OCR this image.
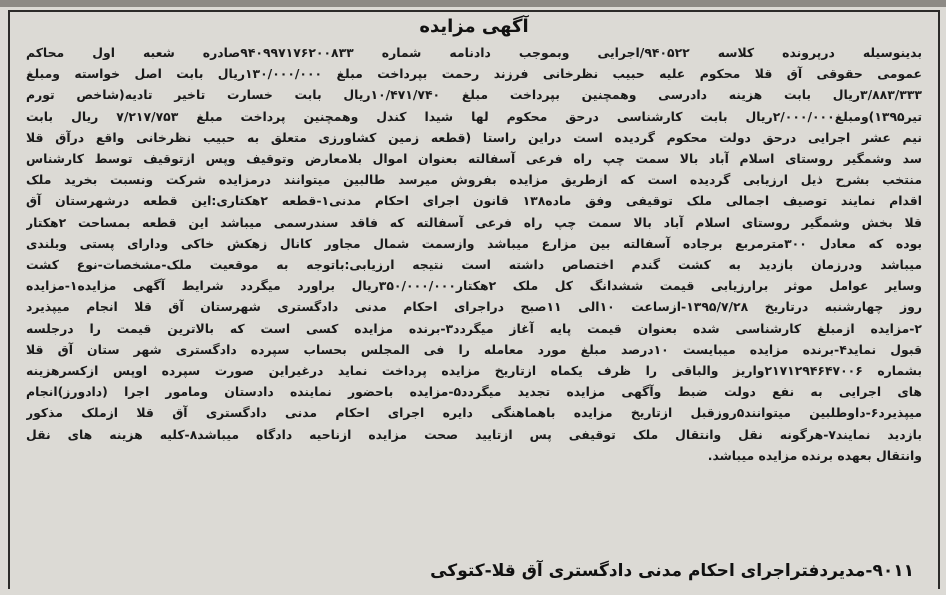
آگهی مزایده
بدینوسیله درپرونده کلاسه ۹۴۰۵۲۲/اجرایی وبموجب دادنامه شماره ۹۴۰۹۹۷۱۷۶۲۰۰۸۳۳صادره شعبه اول محاکم
عمومی حقوقی آق قلا محکوم علیه حبیب نظرخانی فرزند رحمت بپرداخت مبلغ ۱۳۰/۰۰۰/۰۰۰ریال بابت اصل خواسته ومبلغ
۳/۸۸۳/۳۳۳ریال بابت هزینه دادرسی وهمچنین بپرداخت مبلغ ۱۰/۴۷۱/۷۴۰ریال بابت خسارت تاخیر تادیه(شاخص تورم
تیر۱۳۹۵)ومبلغ۲/۰۰۰/۰۰۰ریال بابت کارشناسی درحق محکوم لها شیدا کندل وهمچنین پرداخت مبلغ ۷/۲۱۷/۷۵۳ ریال بابت
نیم عشر اجرایی درحق دولت محکوم گردیده است دراین راستا (قطعه زمین کشاورزی متعلق به حبیب نظرخانی واقع درآق قلا
سد وشمگیر روستای اسلام آباد بالا سمت چپ راه فرعی آسفالته بعنوان اموال بلامعارض وتوقیف وپس ازتوقیف توسط کارشناس
منتخب بشرح ذیل ارزیابی گردیده است که ازطریق مزایده بفروش میرسد طالبین میتوانند درمزایده شرکت ونسبت بخرید ملک
اقدام نمایند توصیف اجمالی ملک توقیفی وفق ماده۱۳۸ قانون اجرای احکام مدنی۱-قطعه ۲هکتاری:این قطعه درشهرستان آق
قلا بخش وشمگیر روستای اسلام آباد بالا سمت چپ راه فرعی آسفالته که فاقد سندرسمی میباشد این قطعه بمساحت ۲هکتار
بوده که معادل ۳۰۰مترمربع برجاده آسفالته بین مزارع میباشد وازسمت شمال مجاور کانال زهکش خاکی ودارای پستی وبلندی
میباشد ودرزمان بازدید به کشت گندم اختصاص داشته است نتیجه ارزیابی:باتوجه به موقعیت ملک-مشخصات-نوع کشت
وسایر عوامل موثر برارزیابی قیمت ششدانگ کل ملک ۲هکتار۳۵۰/۰۰۰/۰۰۰ریال براورد میگردد شرایط آگهی مزایده۱-مزایده
روز چهارشنبه درتاریخ ۱۳۹۵/۷/۲۸-ازساعت ۱۰الی ۱۱صبح دراجرای احکام مدنی دادگستری شهرستان آق قلا انجام میپذیرد
۲-مزایده ازمبلغ کارشناسی شده بعنوان قیمت پایه آغاز میگردد۳-برنده مزایده کسی است که بالاترین قیمت را درجلسه
قبول نماید۴-برنده مزایده میبایست ۱۰درصد مبلغ مورد معامله را فی المجلس بحساب سپرده دادگستری شهر ستان آق قلا
بشماره ۲۱۷۱۲۹۴۶۴۷۰۰۶واریز والباقی را ظرف یکماه ازتاریخ مزایده پرداخت نماید درغیراین صورت سپرده اوپس ازکسرهزینه
های اجرایی به نفع دولت ضبط وآگهی مزایده تجدید میگردد۵-مزایده باحضور نماینده دادستان ومامور اجرا (دادورز)انجام
میپذیرد۶-داوطلبین میتوانند۵روزقبل ازتاریخ مزایده باهماهنگی دایره اجرای احکام مدنی دادگستری آق قلا ازملک مذکور
بازدید نمایند۷-هرگونه نقل وانتقال ملک توقیفی پس ازتایید صحت مزایده ازناحیه دادگاه میباشد۸-کلیه هزینه های نقل
وانتقال بعهده برنده مزایده میباشد.
۹۰۱۱-مدیردفتراجرای احکام مدنی دادگستری آق قلا-کتوکی
